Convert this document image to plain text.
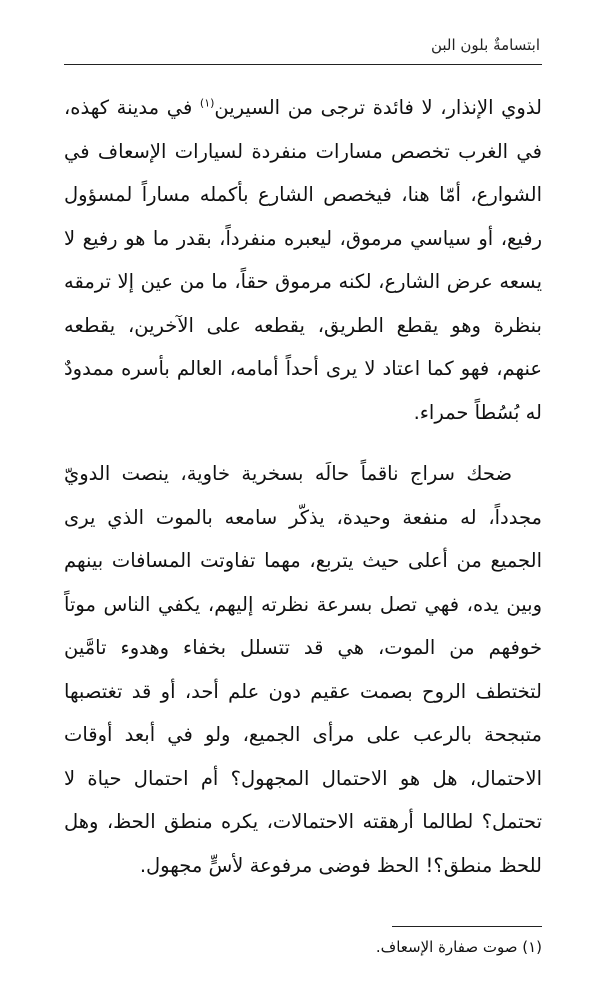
ابتسامةٌ بلون البن

لذوي الإنذار، لا فائدة ترجى من السيرين$^{(١)}$ في مدينة كهذه، في الغرب تخصص مسارات منفردة لسيارات الإسعاف في الشوارع، أمّا هنا، فيخصص الشارع بأكمله مساراً لمسؤول رفيع، أو سياسي مرموق، ليعبره منفرداً، بقدر ما هو رفيع لا يسعه عرض الشارع، لكنه مرموق حقاً، ما من عين إلا ترمقه بنظرة وهو يقطع الطريق، يقطعه على الآخرين، يقطعه عنهم، فهو كما اعتاد لا يرى أحداً أمامه، العالم بأسره ممدودٌ له بُسُطاً حمراء.

ضحك سراج ناقماً حالَه بسخرية خاوية، ينصت الدويّ مجدداً، له منفعة وحيدة، يذكّر سامعه بالموت الذي يرى الجميع من أعلى حيث يتربع، مهما تفاوتت المسافات بينهم وبين يده، فهي تصل بسرعة نظرته إليهم، يكفي الناس موتاً خوفهم من الموت، هي قد تتسلل بخفاء وهدوء تامَّين لتختطف الروح بصمت عقيم دون علم أحد، أو قد تغتصبها متبجحة بالرعب على مرأى الجميع، ولو في أبعد أوقات الاحتمال، هل هو الاحتمال المجهول؟ أم احتمال حياة لا تحتمل؟ لطالما أرهقته الاحتمالات، يكره منطق الحظ، وهل للحظ منطق؟! الحظ فوضى مرفوعة لأسٍّ مجهول.

(١) صوت صفارة الإسعاف.
